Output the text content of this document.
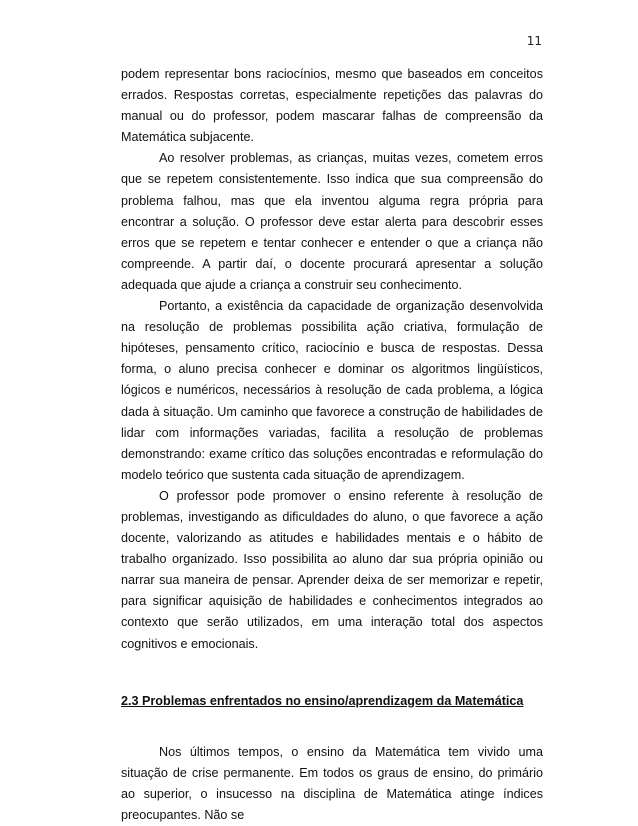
11

podem representar bons raciocínios, mesmo que baseados em conceitos errados. Respostas corretas, especialmente repetições das palavras do manual ou do professor, podem mascarar falhas de compreensão da Matemática subjacente.

Ao resolver problemas, as crianças, muitas vezes, cometem erros que se repetem consistentemente. Isso indica que sua compreensão do problema falhou, mas que ela inventou alguma regra própria para encontrar a solução. O professor deve estar alerta para descobrir esses erros que se repetem e tentar conhecer e entender o que a criança não compreende. A partir daí, o docente procurará apresentar a solução adequada que ajude a criança a construir seu conhecimento.

Portanto, a existência da capacidade de organização desenvolvida na resolução de problemas possibilita ação criativa, formulação de hipóteses, pensamento crítico, raciocínio e busca de respostas. Dessa forma, o aluno precisa conhecer e dominar os algoritmos lingüísticos, lógicos e numéricos, necessários à resolução de cada problema, a lógica dada à situação. Um caminho que favorece a construção de habilidades de lidar com informações variadas, facilita a resolução de problemas demonstrando: exame crítico das soluções encontradas e reformulação do modelo teórico que sustenta cada situação de aprendizagem.

O professor pode promover o ensino referente à resolução de problemas, investigando as dificuldades do aluno, o que favorece a ação docente, valorizando as atitudes e habilidades mentais e o hábito de trabalho organizado. Isso possibilita ao aluno dar sua própria opinião ou narrar sua maneira de pensar. Aprender deixa de ser memorizar e repetir, para significar aquisição de habilidades e conhecimentos integrados ao contexto que serão utilizados, em uma interação total dos aspectos cognitivos e emocionais.

2.3 Problemas enfrentados no ensino/aprendizagem da Matemática

Nos últimos tempos, o ensino da Matemática tem vivido uma situação de crise permanente. Em todos os graus de ensino, do primário ao superior, o insucesso na disciplina de Matemática atinge índices preocupantes. Não se
